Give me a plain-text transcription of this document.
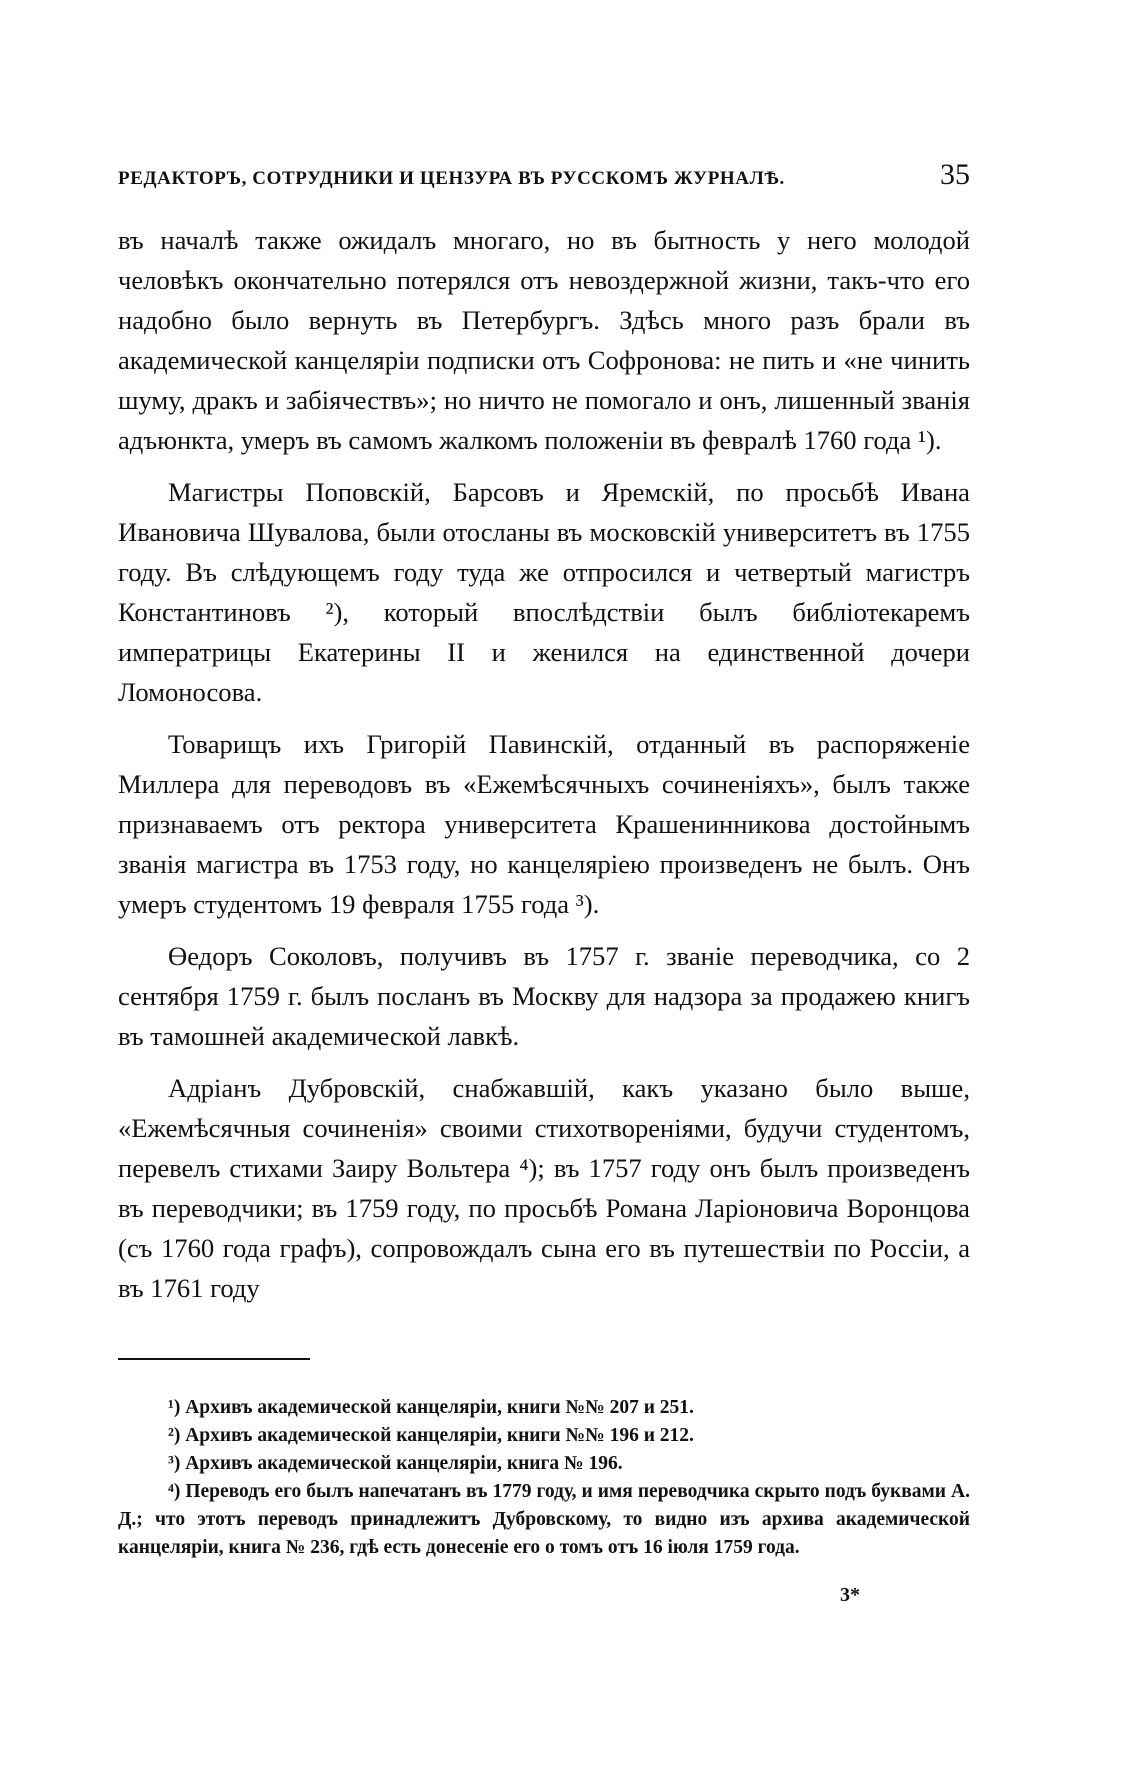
РЕДАКТОРЪ, СОТРУДНИКИ И ЦЕНЗУРА ВЪ РУССКОМЪ ЖУРНАЛѢ.	35

въ началѣ также ожидалъ многаго, но въ бытность у него молодой человѣкъ окончательно потерялся отъ невоздержной жизни, такъ-что его надобно было вернуть въ Петербургъ. Здѣсь много разъ брали въ академической канцеляріи подписки отъ Софронова: не пить и «не чинить шуму, дракъ и забіячествъ»; но ничто не помогало и онъ, лишенный званія адъюнкта, умеръ въ самомъ жалкомъ положеніи въ февралѣ 1760 года ¹).

Магистры Поповскій, Барсовъ и Яремскій, по просьбѣ Ивана Ивановича Шувалова, были отосланы въ московскій университетъ въ 1755 году. Въ слѣдующемъ году туда же отпросился и четвертый магистръ Константиновъ ²), который впослѣдствіи былъ библіотекаремъ императрицы Екатерины II и женился на единственной дочери Ломоносова.

Товарищъ ихъ Григорій Павинскій, отданный въ распоряженіе Миллера для переводовъ въ «Ежемѣсячныхъ сочиненіяхъ», былъ также признаваемъ отъ ректора университета Крашенинникова достойнымъ званія магистра въ 1753 году, но канцеляріею произведенъ не былъ. Онъ умеръ студентомъ 19 февраля 1755 года ³).

Өедоръ Соколовъ, получивъ въ 1757 г. званіе переводчика, со 2 сентября 1759 г. былъ посланъ въ Москву для надзора за продажею книгъ въ тамошней академической лавкѣ.

Адріанъ Дубровскій, снабжавшій, какъ указано было выше, «Ежемѣсячныя сочиненія» своими стихотвореніями, будучи студентомъ, перевелъ стихами Заиру Вольтера ⁴); въ 1757 году онъ былъ произведенъ въ переводчики; въ 1759 году, по просьбѣ Романа Ларіоновича Воронцова (съ 1760 года графъ), сопровождалъ сына его въ путешествіи по Россіи, а въ 1761 году

¹) Архивъ академической канцеляріи, книги №№ 207 и 251.

²) Архивъ академической канцеляріи, книги №№ 196 и 212.

³) Архивъ академической канцеляріи, книга № 196.

⁴) Переводъ его былъ напечатанъ въ 1779 году, и имя переводчика скрыто подъ буквами А. Д.; что этотъ переводъ принадлежитъ Дубровскому, то видно изъ архива академической канцеляріи, книга № 236, гдѣ есть донесеніе его о томъ отъ 16 іюля 1759 года.

3*
